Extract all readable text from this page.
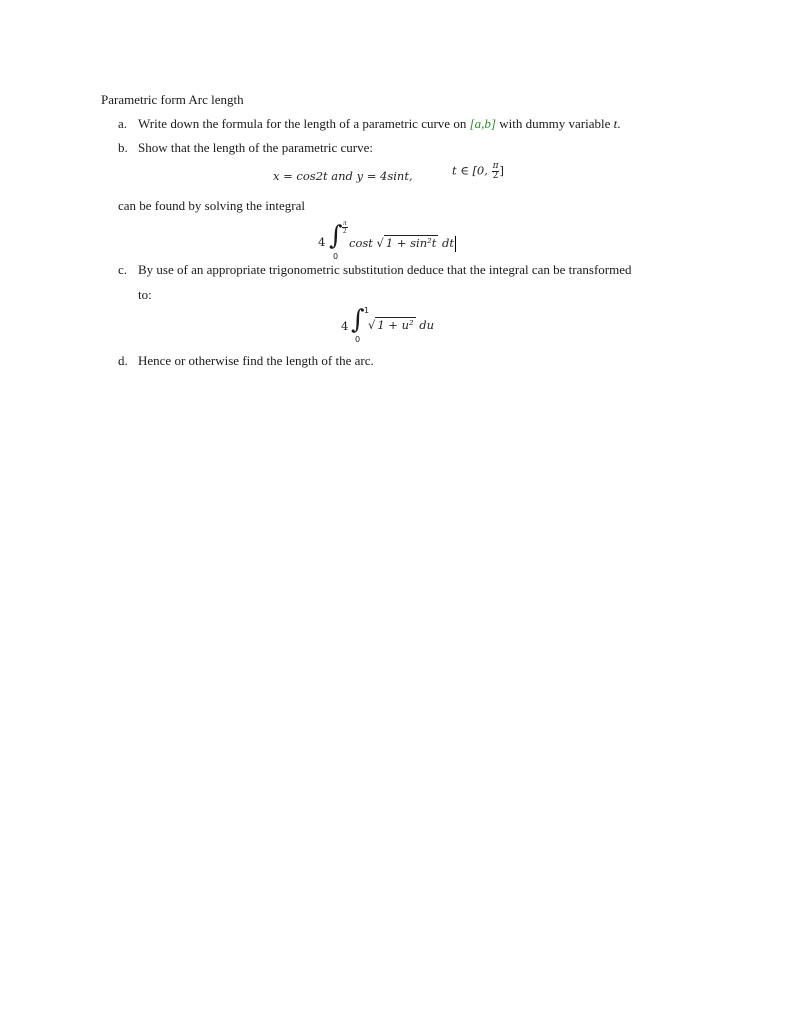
Parametric form Arc length
a. Write down the formula for the length of a parametric curve on [a,b] with dummy variable t.
b. Show that the length of the parametric curve:
x = cos2t and y = 4sint,	t ∈ [0, $\frac{\pi}{2}$ ]
can be found by solving the integral
4 ∫ $\frac{\pi}{2}$
0
cost √ 1 + sin²t dt
c. By use of an appropriate trigonometric substitution deduce that the integral can be transformed
to:
4 ∫ 1
0
√ 1 + u² du
d. Hence or otherwise find the length of the arc.
